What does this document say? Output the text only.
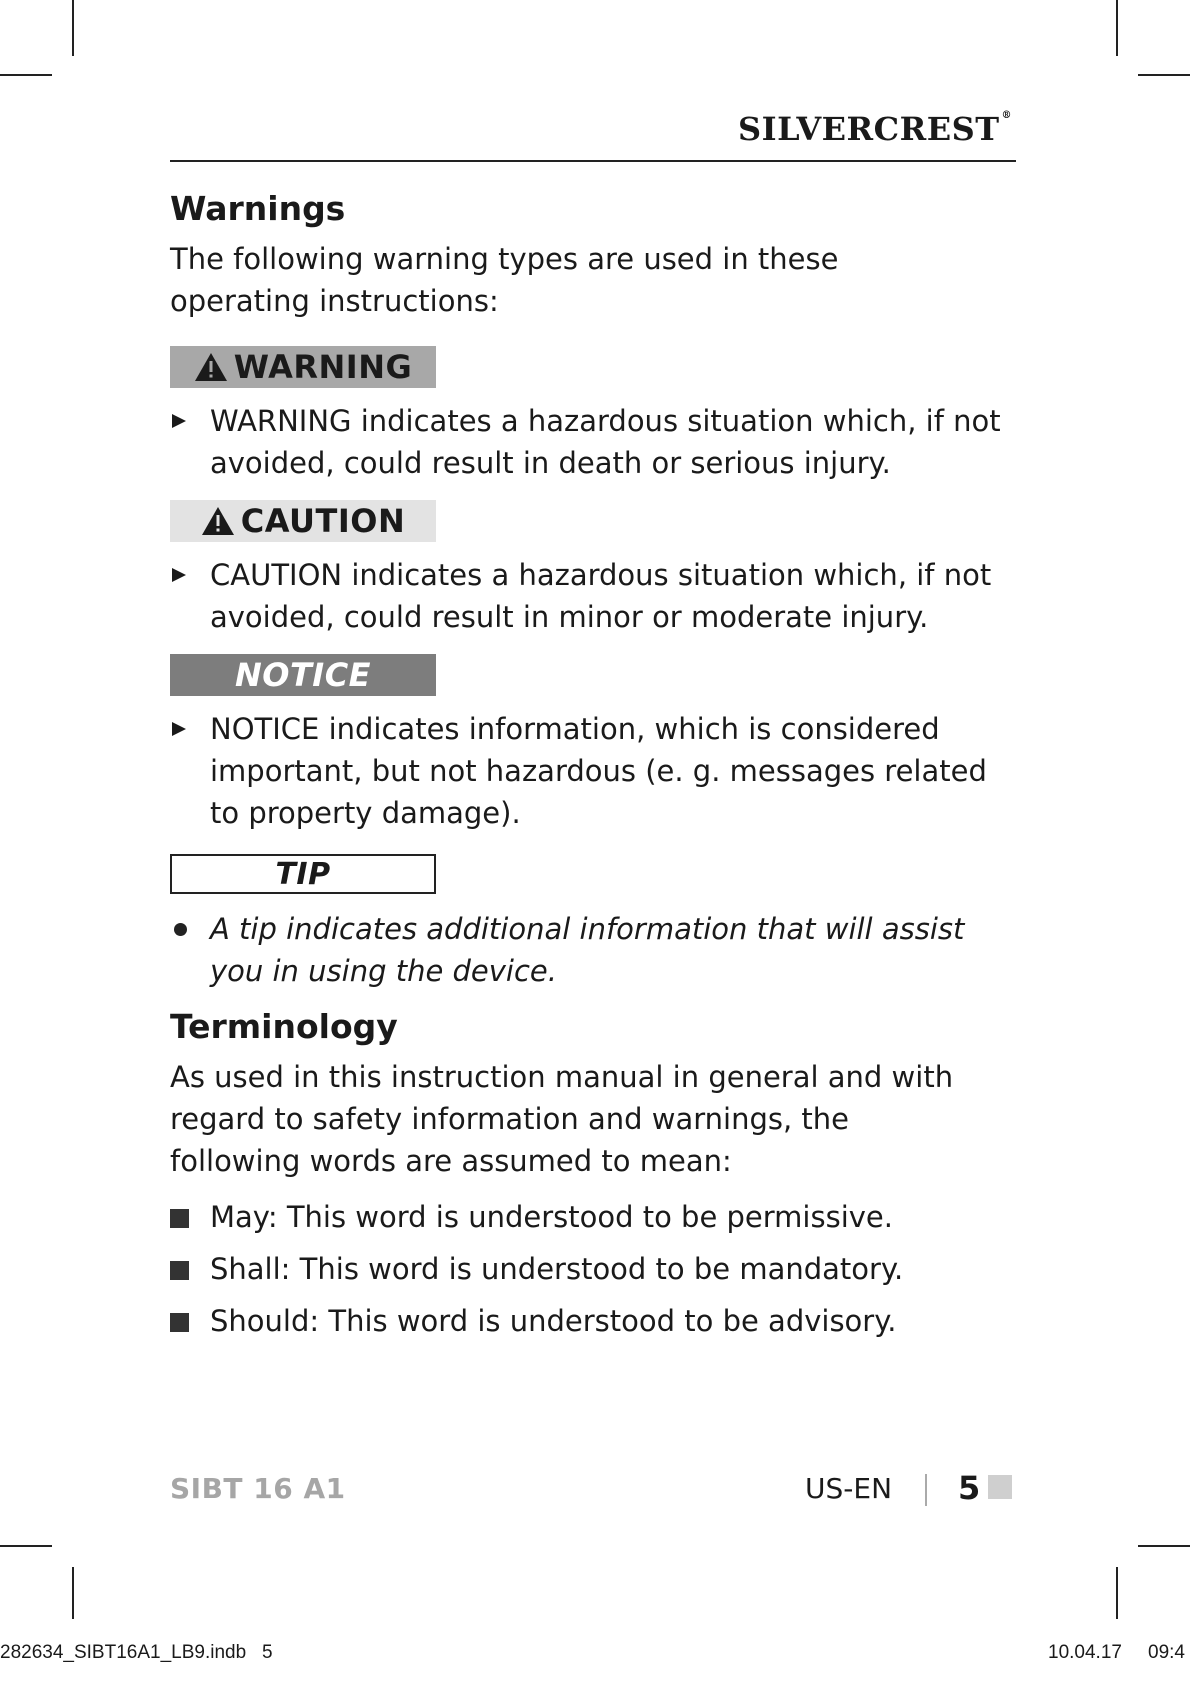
SILVERCREST ®
Warnings

The following warning types are used in these operating instructions:

WARNING
WARNING indicates a hazardous situation which, if not avoided, could result in death or serious injury.
CAUTION
CAUTION indicates a hazardous situation which, if not avoided, could result in minor or moderate injury.
NOTICE
NOTICE indicates information, which is considered important, but not hazardous (e. g. messages related to property damage).
TIP
A tip indicates additional information that will assist you in using the device.
Terminology

As used in this instruction manual in general and with regard to safety information and warnings, the following words are assumed to mean:

May: This word is understood to be permissive.
Shall: This word is understood to be mandatory.
Should: This word is understood to be advisory.
SIBT 16 A1	US-EN 5
282634_SIBT16A1_LB9.indb   5	10.04.17 09:4
